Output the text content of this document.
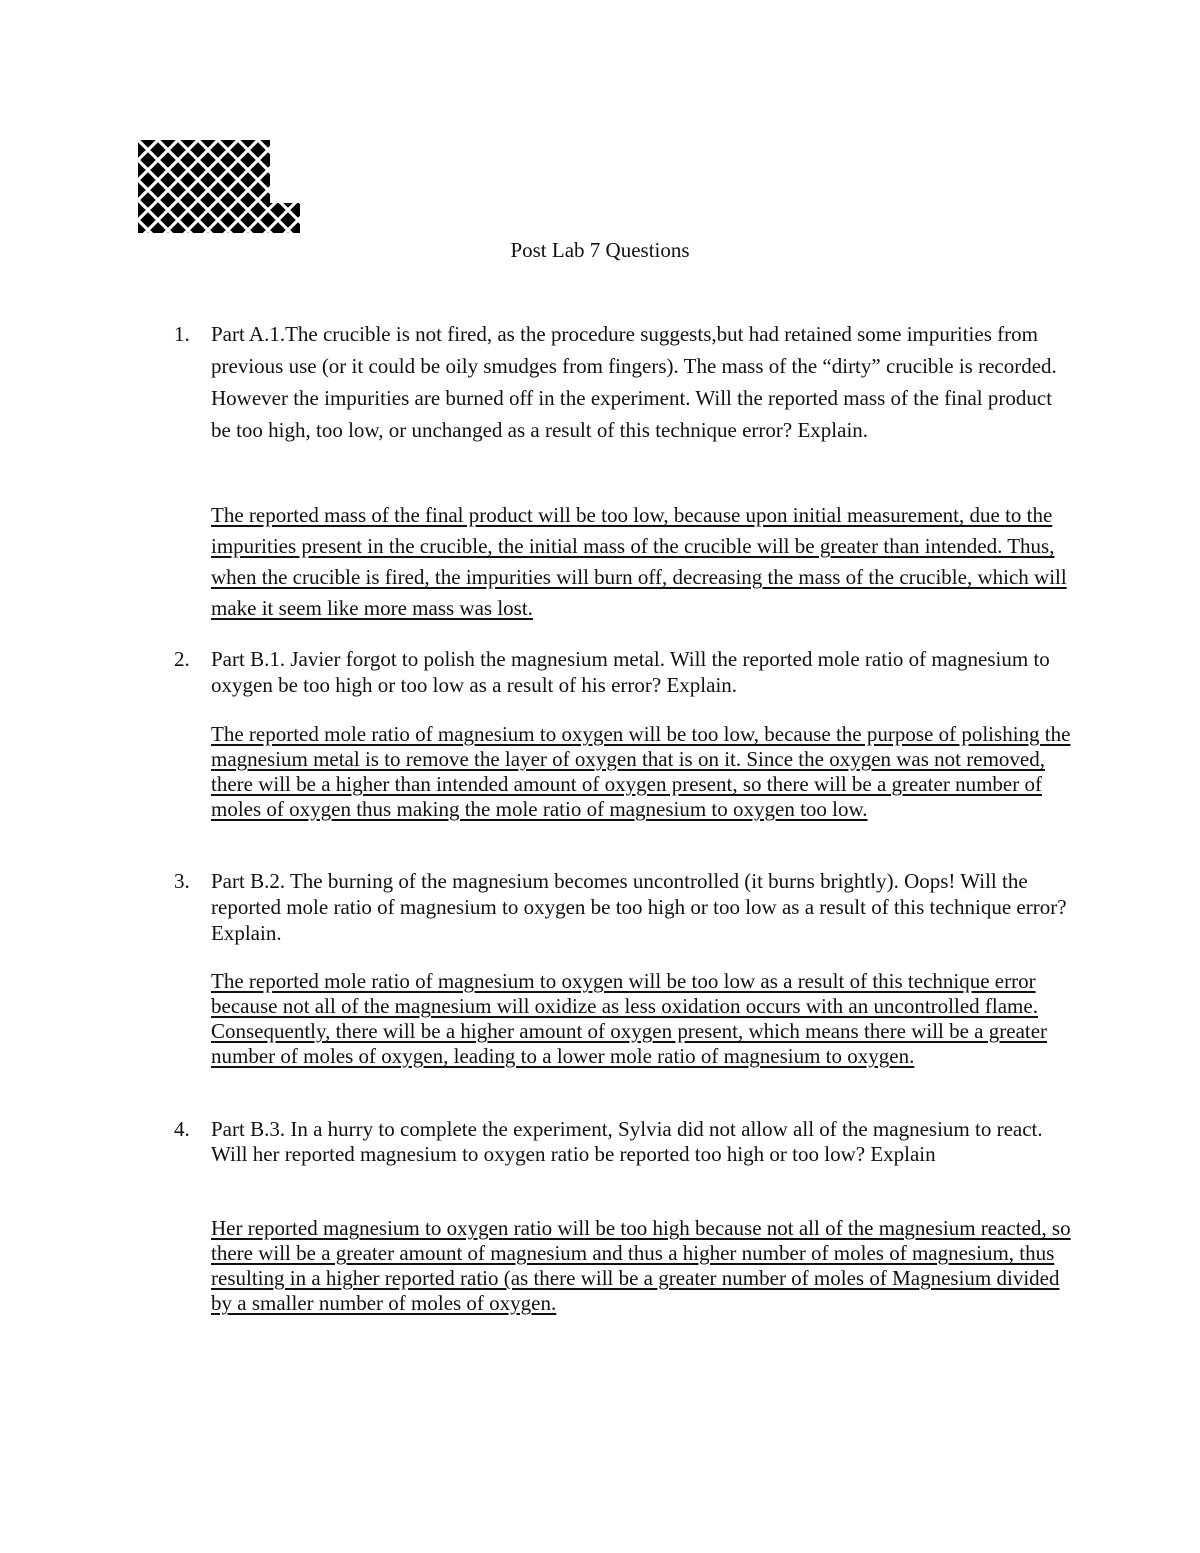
Post Lab 7 Questions
1. Part A.1.The crucible is not fired, as the procedure suggests,but had retained some impurities from previous use (or it could be oily smudges from fingers). The mass of the “dirty” crucible is recorded. However the impurities are burned off in the experiment. Will the reported mass of the final product be too high, too low, or unchanged as a result of this technique error? Explain.

The reported mass of the final product will be too low, because upon initial measurement, due to the impurities present in the crucible, the initial mass of the crucible will be greater than intended. Thus, when the crucible is fired, the impurities will burn off, decreasing the mass of the crucible, which will make it seem like more mass was lost.

2. Part B.1. Javier forgot to polish the magnesium metal. Will the reported mole ratio of magnesium to oxygen be too high or too low as a result of his error? Explain.

The reported mole ratio of magnesium to oxygen will be too low, because the purpose of polishing the magnesium metal is to remove the layer of oxygen that is on it. Since the oxygen was not removed, there will be a higher than intended amount of oxygen present, so there will be a greater number of moles of oxygen thus making the mole ratio of magnesium to oxygen too low.

3. Part B.2. The burning of the magnesium becomes uncontrolled (it burns brightly). Oops! Will the reported mole ratio of magnesium to oxygen be too high or too low as a result of this technique error? Explain.

The reported mole ratio of magnesium to oxygen will be too low as a result of this technique error because not all of the magnesium will oxidize as less oxidation occurs with an uncontrolled flame. Consequently, there will be a higher amount of oxygen present, which means there will be a greater number of moles of oxygen, leading to a lower mole ratio of magnesium to oxygen.

4. Part B.3. In a hurry to complete the experiment, Sylvia did not allow all of the magnesium to react. Will her reported magnesium to oxygen ratio be reported too high or too low? Explain

Her reported magnesium to oxygen ratio will be too high because not all of the magnesium reacted, so there will be a greater amount of magnesium and thus a higher number of moles of magnesium, thus resulting in a higher reported ratio (as there will be a greater number of moles of Magnesium divided by a smaller number of moles of oxygen.
